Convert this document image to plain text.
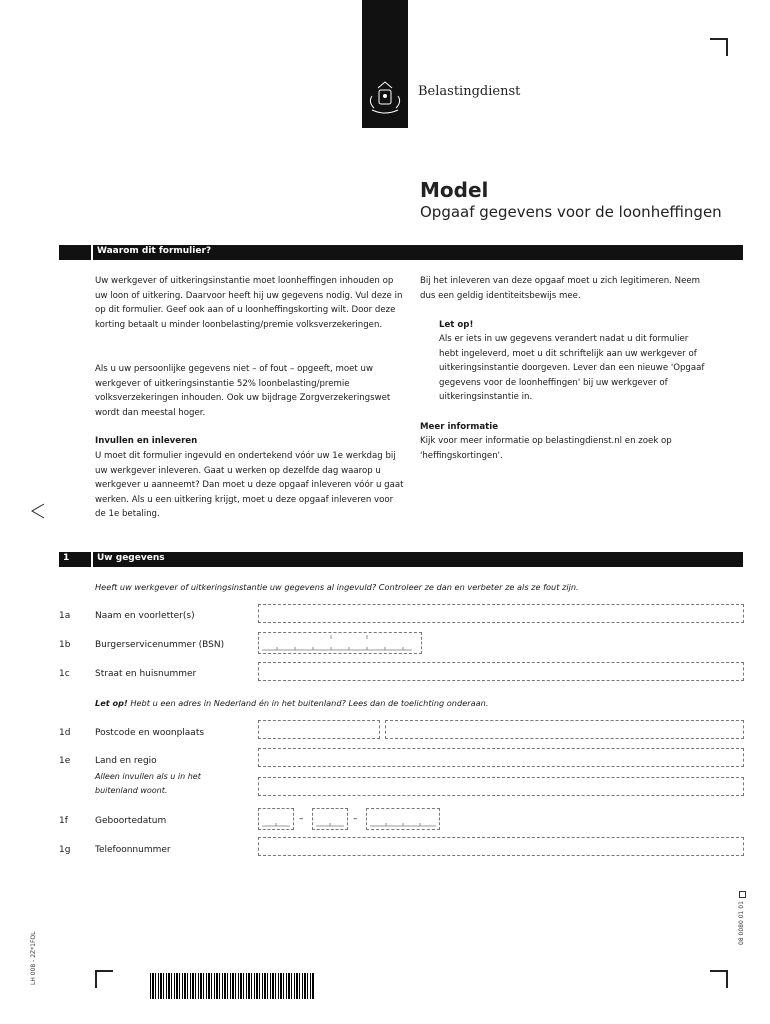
Belastingdienst
Model
Opgaaf gegevens voor de loonheffingen
Waarom dit formulier?
Uw werkgever of uitkeringsinstantie moet loonheffingen inhouden op uw loon of uitkering. Daarvoor heeft hij uw gegevens nodig. Vul deze in op dit formulier. Geef ook aan of u loonheffingskorting wilt. Door deze korting betaalt u minder loonbelasting/premie volksverzekeringen.
Als u uw persoonlijke gegevens niet – of fout – opgeeft, moet uw werkgever of uitkeringsinstantie 52% loonbelasting/premie volksverzekeringen inhouden. Ook uw bijdrage Zorgverzekeringswet wordt dan meestal hoger.
Invullen en inleveren
U moet dit formulier ingevuld en ondertekend vóór uw 1e werkdag bij uw werkgever inleveren. Gaat u werken op dezelfde dag waarop u werkgever u aanneemt? Dan moet u deze opgaaf inleveren vóór u gaat werken. Als u een uitkering krijgt, moet u deze opgaaf inleveren voor de 1e betaling.
Bij het inleveren van deze opgaaf moet u zich legitimeren. Neem dus een geldig identiteitsbewijs mee.
Let op!
Als er iets in uw gegevens verandert nadat u dit formulier hebt ingeleverd, moet u dit schriftelijk aan uw werkgever of uitkeringsinstantie doorgeven. Lever dan een nieuwe 'Opgaaf gegevens voor de loonheffingen' bij uw werkgever of uitkeringsinstantie in.
Meer informatie
Kijk voor meer informatie op belastingdienst.nl en zoek op 'heffingskortingen'.
1	Uw gegevens
Heeft uw werkgever of uitkeringsinstantie uw gegevens al ingevuld? Controleer ze dan en verbeter ze als ze fout zijn.
1a	Naam en voorletter(s)
1b	Burgerservicenummer (BSN)
1c	Straat en huisnummer
Let op! Hebt u een adres in Nederland én in het buitenland? Lees dan de toelichting onderaan.
1d	Postcode en woonplaats
1e	Land en regio
Alleen invullen als u in het buitenland woont.
1f	Geboortedatum	–	–
1g	Telefoonnummer
LH 008 - 2Z*1FOL
08 0080 01 01
